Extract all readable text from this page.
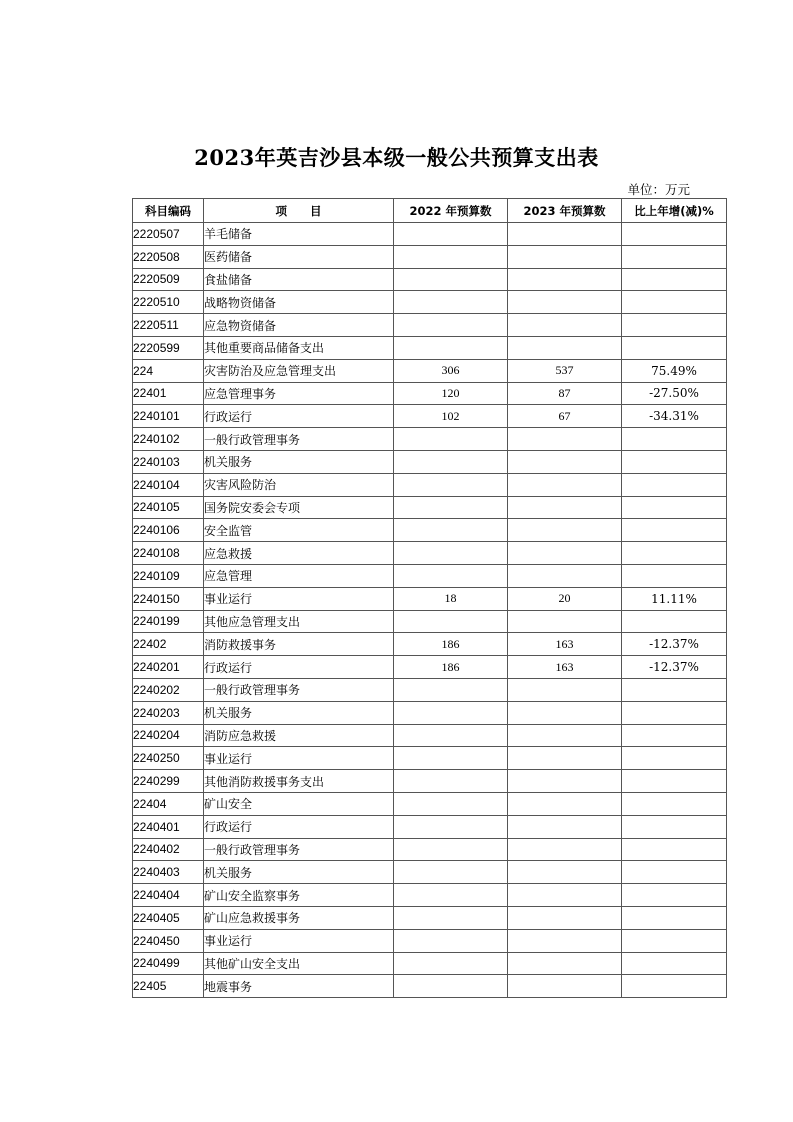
2023年英吉沙县本级一般公共预算支出表
单位：万元
科目编码	项　　目	2022 年预算数	2023 年预算数	比上年增(减)%
2220507	羊毛储备			
2220508	医药储备			
2220509	食盐储备			
2220510	战略物资储备			
2220511	应急物资储备			
2220599	其他重要商品储备支出			
224	灾害防治及应急管理支出	306	537	75.49%
22401	应急管理事务	120	87	-27.50%
2240101	行政运行	102	67	-34.31%
2240102	一般行政管理事务			
2240103	机关服务			
2240104	灾害风险防治			
2240105	国务院安委会专项			
2240106	安全监管			
2240108	应急救援			
2240109	应急管理			
2240150	事业运行	18	20	11.11%
2240199	其他应急管理支出			
22402	消防救援事务	186	163	-12.37%
2240201	行政运行	186	163	-12.37%
2240202	一般行政管理事务			
2240203	机关服务			
2240204	消防应急救援			
2240250	事业运行			
2240299	其他消防救援事务支出			
22404	矿山安全			
2240401	行政运行			
2240402	一般行政管理事务			
2240403	机关服务			
2240404	矿山安全监察事务			
2240405	矿山应急救援事务			
2240450	事业运行			
2240499	其他矿山安全支出			
22405	地震事务			
